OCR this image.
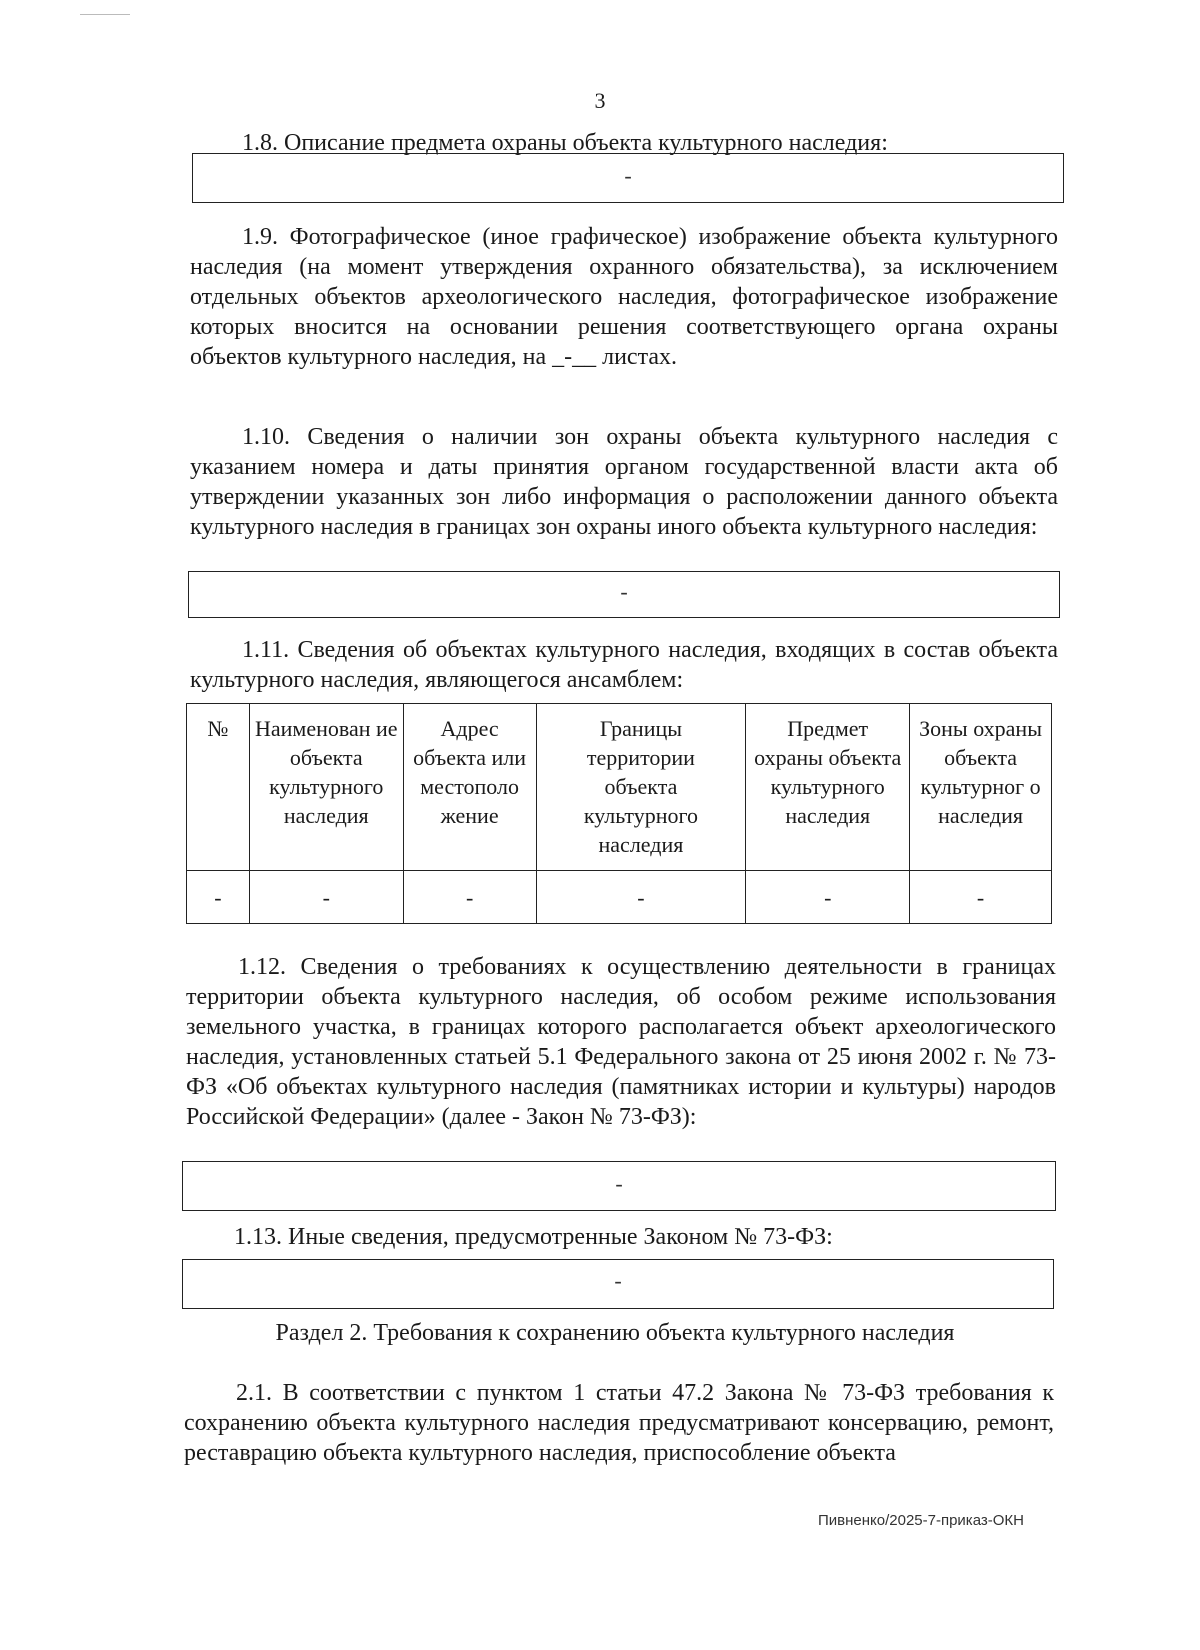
3
1.8. Описание предмета охраны объекта культурного наследия:
-
1.9. Фотографическое (иное графическое) изображение объекта культурного наследия (на момент утверждения охранного обязательства), за исключением отдельных объектов археологического наследия, фотографическое изображение которых вносится на основании решения соответствующего органа охраны объектов культурного наследия, на _-__ листах.
1.10. Сведения о наличии зон охраны объекта культурного наследия с указанием номера и даты принятия органом государственной власти акта об утверждении указанных зон либо информация о расположении данного объекта культурного наследия в границах зон охраны иного объекта культурного наследия:
-
1.11. Сведения об объектах культурного наследия, входящих в состав объекта культурного наследия, являющегося ансамблем:
№	Наименован ие объекта культурного наследия	Адрес объекта или местополо жение	Границы территории объекта культурного наследия	Предмет охраны объекта культурного наследия	Зоны охраны объекта культурног о наследия
-	-	-	-	-	-
1.12. Сведения о требованиях к осуществлению деятельности в границах территории объекта культурного наследия, об особом режиме использования земельного участка, в границах которого располагается объект археологического наследия, установленных статьей 5.1 Федерального закона от 25 июня 2002 г. № 73-ФЗ «Об объектах культурного наследия (памятниках истории и культуры) народов Российской Федерации» (далее - Закон № 73-ФЗ):
-
1.13. Иные сведения, предусмотренные Законом № 73-ФЗ:
-
Раздел 2. Требования к сохранению объекта культурного наследия
2.1. В соответствии с пунктом 1 статьи 47.2 Закона № 73-ФЗ требования к сохранению объекта культурного наследия предусматривают консервацию, ремонт, реставрацию объекта культурного наследия, приспособление объекта
Пивненко/2025-7-приказ-ОКН
